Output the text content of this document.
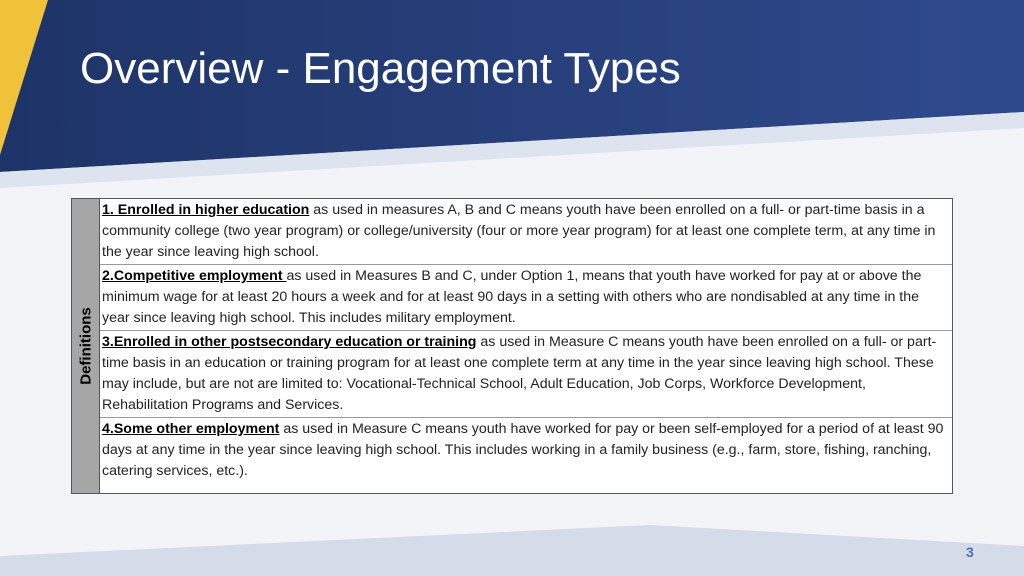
Overview - Engagement Types
Definitions
1. Enrolled in higher education as used in measures A, B and C means youth have been enrolled on a full- or part-time basis in a community college (two year program) or college/university (four or more year program) for at least one complete term, at any time in the year since leaving high school.
2.Competitive employment as used in Measures B and C, under Option 1, means that youth have worked for pay at or above the minimum wage for at least 20 hours a week and for at least 90 days in a setting with others who are nondisabled at any time in the year since leaving high school. This includes military employment.
3.Enrolled in other postsecondary education or training as used in Measure C means youth have been enrolled on a full- or part-time basis in an education or training program for at least one complete term at any time in the year since leaving high school. These may include, but are not are limited to: Vocational-Technical School, Adult Education, Job Corps, Workforce Development, Rehabilitation Programs and Services.
4.Some other employment as used in Measure C means youth have worked for pay or been self-employed for a period of at least 90 days at any time in the year since leaving high school. This includes working in a family business (e.g., farm, store, fishing, ranching, catering services, etc.).
3
